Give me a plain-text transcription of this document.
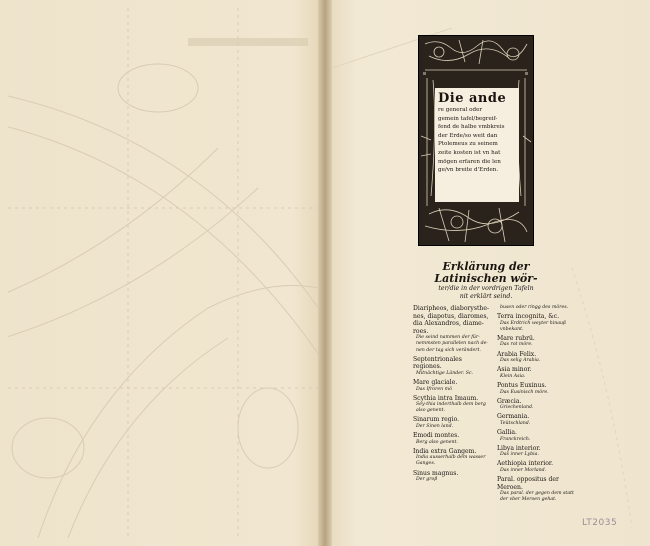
Die ande
re general oder
gemein tafel/begreif-
fend de halbe vmbkreis
der Erde/so weit dan
Ptolemeus zu seinem
zeite kosten ist vn hat
mögen erfaren die len
ge/vn breite d'Erden.
Erklärung der Latinischen wör-
ter/die in der vordrigen Tafeln
nit erklärt seind.
Diaripheos, diaborysthe-
nes, diapotus, diaromes,
dia Alexandros, diame-
roes.
Die seind nammen der für-
nemmsten parallelen nach de-
nen der tag sich verändert.
Septentrionales regiones.
Mitnächtige Länder. Sc.
Mare glaciale.
Das Ifroren mö
Scythia intra Imaum.
Sey-thia inderthalb dem berg also genent.
Sinarum regio.
Der Sinen land.
Emodi montes.
Berg also genent.
India extra Gangem.
India ausserhalb dem wasser Ganges.
Sinus magnus.
Der groß
busen oder ringg des möres.
Terra incognita, &c.
Das Erdtrich weyter hinauß vnbekant.
Mare rubrü.
Das rot möre.
Arabia Felix.
Das selig Arabia.
Asia minor.
Klein Asia.
Pontus Euxinus.
Das Eusinisch möre.
Græcia.
Griechenland.
Germania.
Teütschland.
Gallia.
Franckreich.
Libya interior.
Das inner Lybia.
Aethiopia interior.
Das inner Morland.
Paral. oppositus der Meroen.
Das paral. der gegen dem statt der vber Meroen gehat.
LT2035
